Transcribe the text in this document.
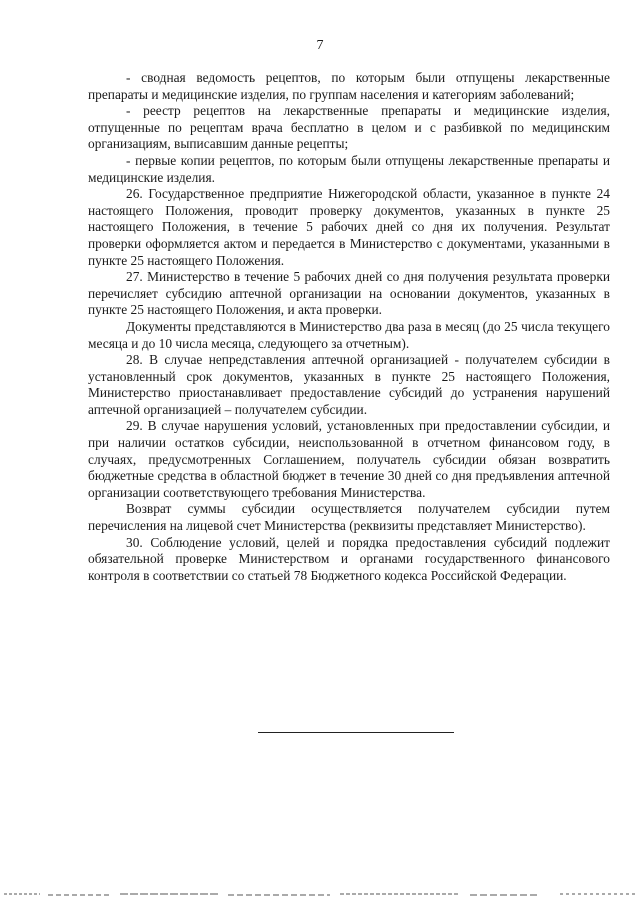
7

- сводная ведомость рецептов, по которым были отпущены лекарственные препараты и медицинские изделия, по группам населения и категориям заболеваний;

- реестр рецептов на лекарственные препараты и медицинские изделия, отпущенные по рецептам врача бесплатно в целом и с разбивкой по медицинским организациям, выписавшим данные рецепты;

- первые копии рецептов, по которым были отпущены лекарственные препараты и медицинские изделия.

26. Государственное предприятие Нижегородской области, указанное в пункте 24 настоящего Положения, проводит проверку документов, указанных в пункте 25 настоящего Положения, в течение 5 рабочих дней со дня их получения. Результат проверки оформляется актом и передается в Министерство с документами, указанными в пункте 25 настоящего Положения.

27. Министерство в течение 5 рабочих дней со дня получения результата проверки перечисляет субсидию аптечной организации на основании документов, указанных в пункте 25 настоящего Положения, и акта проверки.

Документы представляются в Министерство два раза в месяц (до 25 числа текущего месяца и до 10 числа месяца, следующего за отчетным).

28. В случае непредставления аптечной организацией - получателем субсидии в установленный срок документов, указанных в пункте 25 настоящего Положения, Министерство приостанавливает предоставление субсидий до устранения нарушений аптечной организацией – получателем субсидии.

29. В случае нарушения условий, установленных при предоставлении субсидии, и при наличии остатков субсидии, неиспользованной в отчетном финансовом году, в случаях, предусмотренных Соглашением, получатель субсидии обязан возвратить бюджетные средства в областной бюджет в течение 30 дней со дня предъявления аптечной организации соответствующего требования Министерства.

Возврат суммы субсидии осуществляется получателем субсидии путем перечисления на лицевой счет Министерства (реквизиты представляет Министерство).

30. Соблюдение условий, целей и порядка предоставления субсидий подлежит обязательной проверке Министерством и органами государственного финансового контроля в соответствии со статьей 78 Бюджетного кодекса Российской Федерации.
